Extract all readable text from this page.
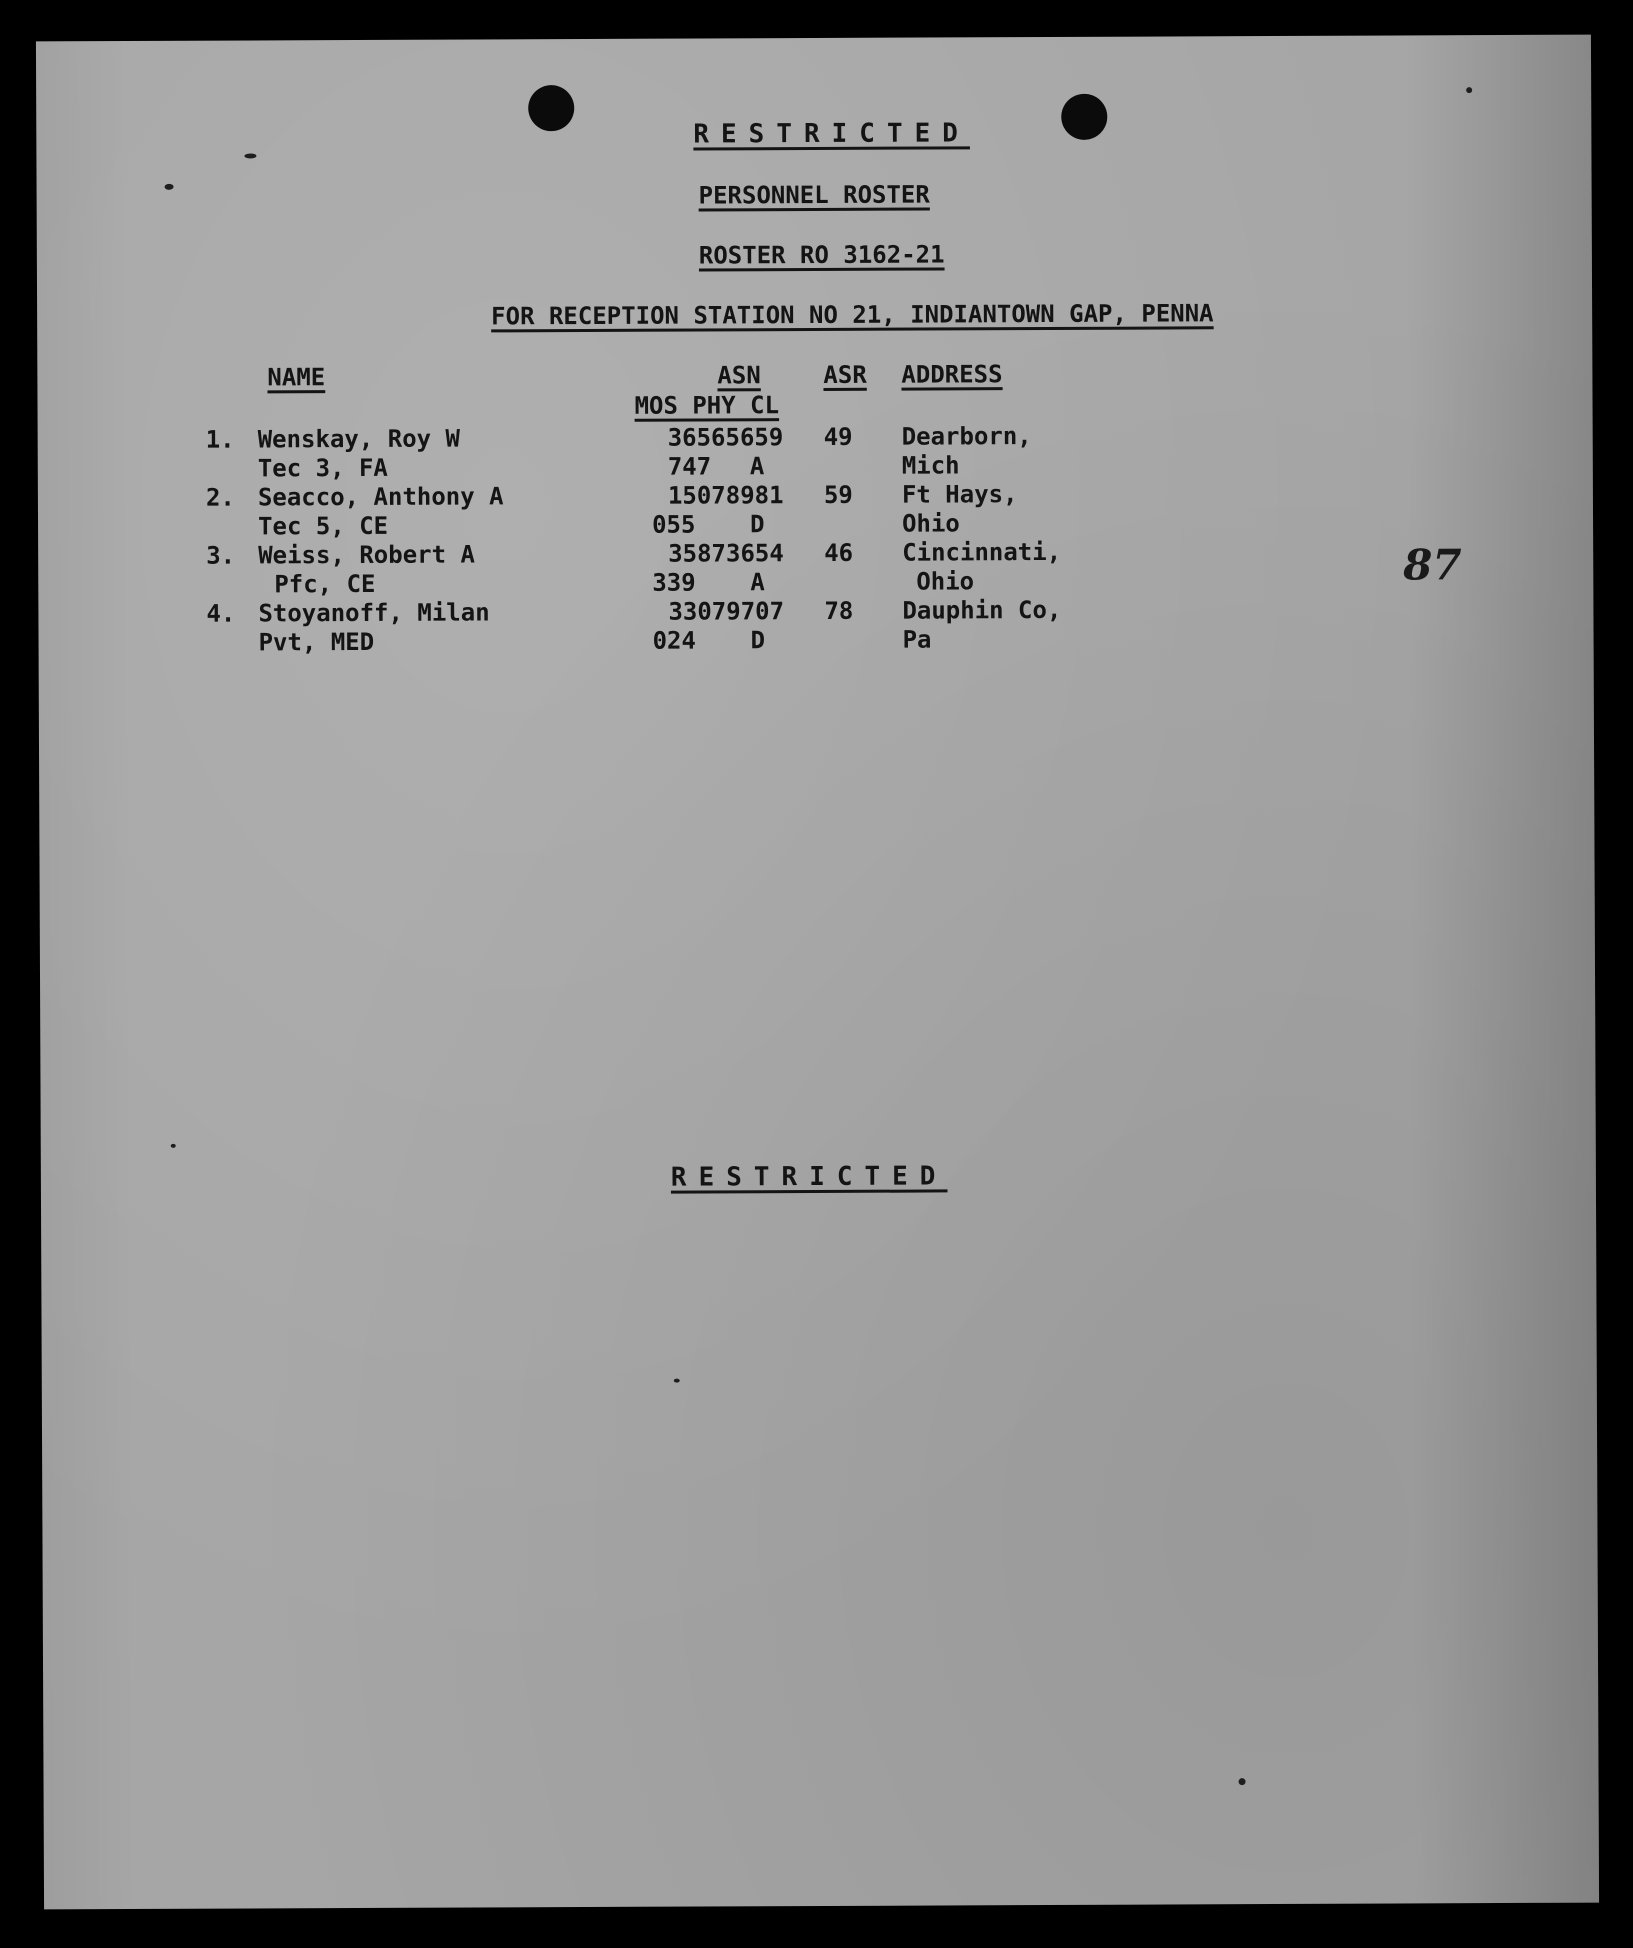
RESTRICTED
PERSONNEL ROSTER
ROSTER RO 3162-21
FOR RECEPTION STATION NO 21, INDIANTOWN GAP, PENNA
NAME	ASN
MOS PHY CL
ASR ADDRESS
1. Wenskay, Roy W	36565659 49 Dearborn,
Tec 3, FA	747 A	Mich
2. Seacco, Anthony A	15078981 59 Ft Hays,
Tec 5, CE	055 D	Ohio
3. Weiss, Robert A	35873654 46 Cincinnati,
Pfc, CE	339 A	Ohio
4. Stoyanoff, Milan	33079707 78 Dauphin Co,
Pvt, MED	024 D	Pa
87
RESTRICTED
